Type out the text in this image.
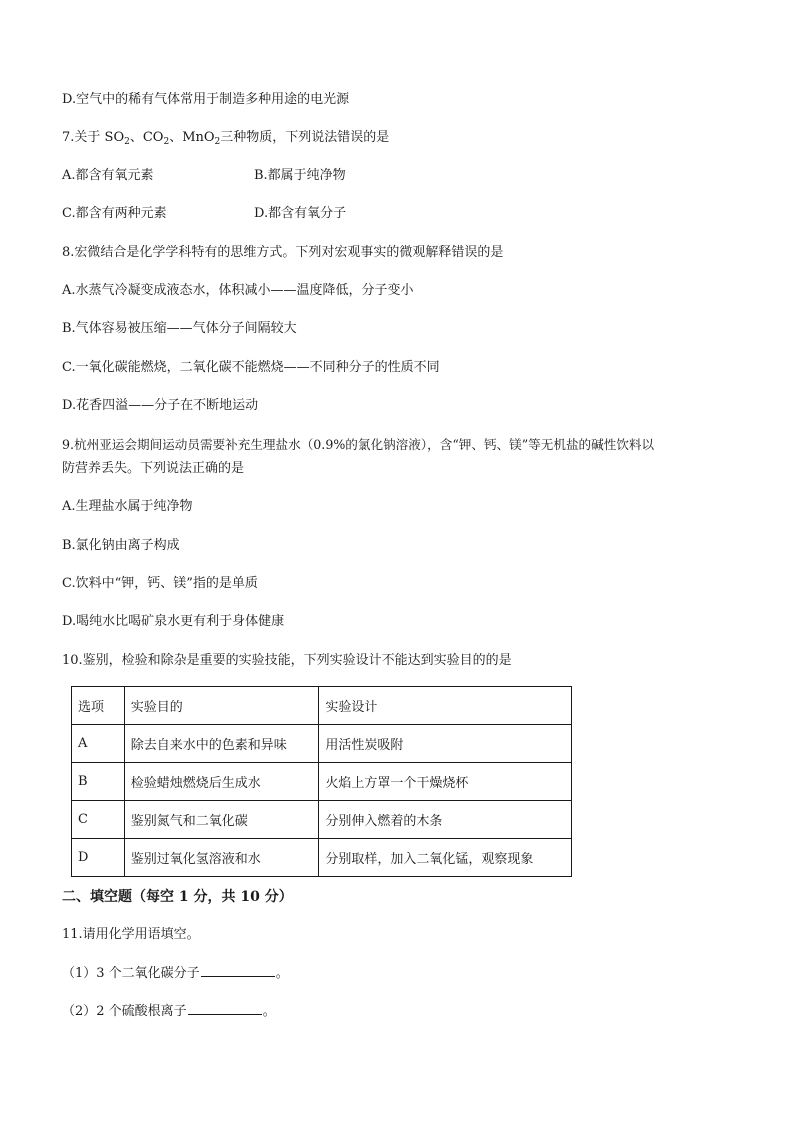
D.空气中的稀有气体常用于制造多种用途的电光源
7.关于 $SO_2$、$CO_2$、MnO$_2$三种物质，下列说法错误的是
A.都含有氧元素	B.都属于纯净物
C.都含有两种元素	D.都含有氧分子
8.宏微结合是化学学科特有的思维方式。下列对宏观事实的微观解释错误的是
A.水蒸气冷凝变成液态水，体积减小——温度降低，分子变小
B.气体容易被压缩——气体分子间隔较大
C.一氧化碳能燃烧，二氧化碳不能燃烧——不同种分子的性质不同
D.花香四溢——分子在不断地运动
9.杭州亚运会期间运动员需要补充生理盐水（0.9%的氯化钠溶液），含“钾、钙、镁”等无机盐的碱性饮料以
防营养丢失。下列说法正确的是
A.生理盐水属于纯净物
B.氯化钠由离子构成
C.饮料中“钾，钙、镁”指的是单质
D.喝纯水比喝矿泉水更有利于身体健康
10.鉴别，检验和除杂是重要的实验技能，下列实验设计不能达到实验目的的是
选项	实验目的	实验设计
A	除去自来水中的色素和异味	用活性炭吸附
B	检验蜡烛燃烧后生成水	火焰上方罩一个干燥烧杯
C	鉴别氮气和二氧化碳	分别伸入燃着的木条
D	鉴别过氧化氢溶液和水	分别取样，加入二氧化锰，观察现象
二、填空题（每空 1 分，共 10 分）
11.请用化学用语填空。
（1）3 个二氧化碳分子	。
（2）2 个硫酸根离子	。
